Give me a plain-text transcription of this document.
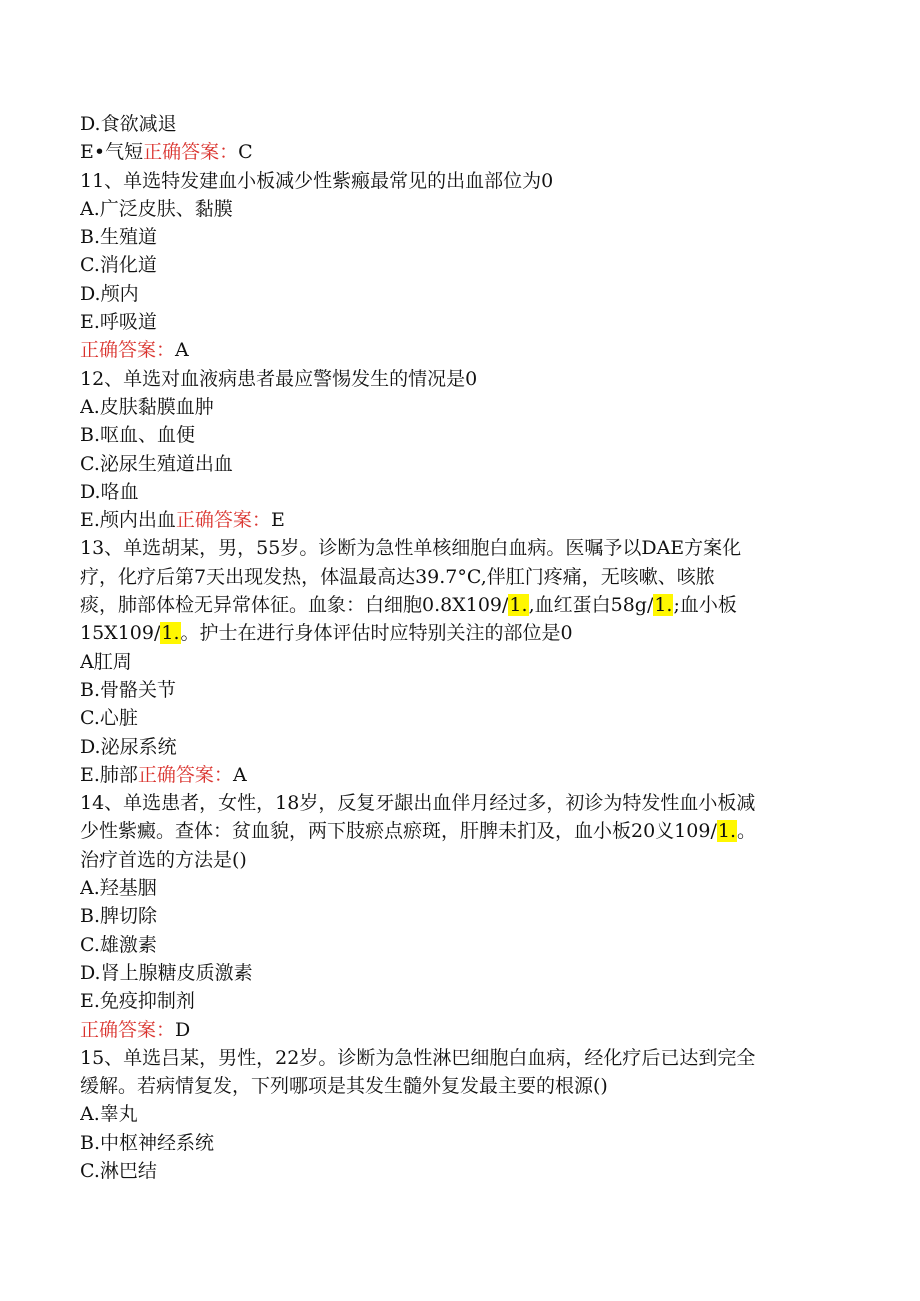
D.食欲减退
E•气短正确答案：C
11、单选特发建血小板减少性紫瘢最常见的出血部位为0
A.广泛皮肤、黏膜
B.生殖道
C.消化道
D.颅内
E.呼吸道
正确答案：A
12、单选对血液病患者最应警惕发生的情况是0
A.皮肤黏膜血肿
B.呕血、血便
C.泌尿生殖道出血
D.咯血
E.颅内出血正确答案：E
13、单选胡某，男，55岁。诊断为急性单核细胞白血病。医嘱予以DAE方案化
疗，化疗后第7天出现发热，体温最高达39.7°C,伴肛门疼痛，无咳嗽、咳脓
痰，肺部体检无异常体征。血象：白细胞0.8X109/1.,血红蛋白58g/1.;血小板
15X109/1.。护士在进行身体评估时应特别关注的部位是0
A肛周
B.骨骼关节
C.心脏
D.泌尿系统
E.肺部正确答案：A
14、单选患者，女性，18岁，反复牙龈出血伴月经过多，初诊为特发性血小板减
少性紫癜。查体：贫血貌，两下肢瘀点瘀斑，肝脾未扪及，血小板20义109/1.。
治疗首选的方法是()
A.羟基胭
B.脾切除
C.雄激素
D.肾上腺糖皮质激素
E.免疫抑制剂
正确答案：D
15、单选吕某，男性，22岁。诊断为急性淋巴细胞白血病，经化疗后已达到完全
缓解。若病情复发，下列哪项是其发生髓外复发最主要的根源()
A.睾丸
B.中枢神经系统
C.淋巴结
